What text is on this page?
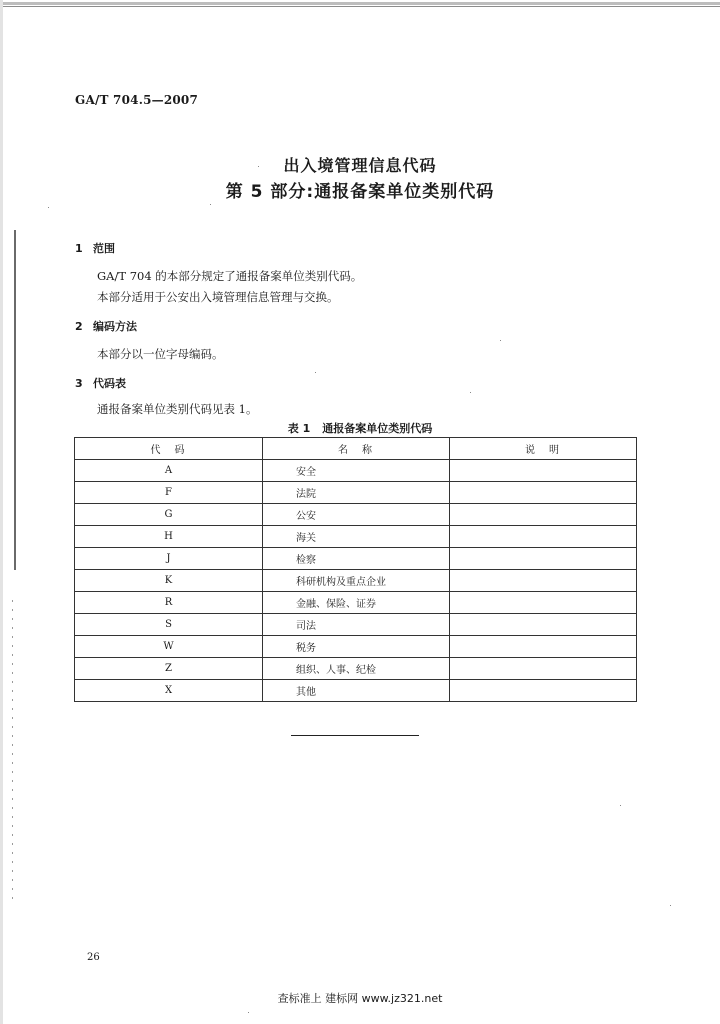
GA/T 704.5—2007
出入境管理信息代码
第 5 部分:通报备案单位类别代码
1 范围
GA/T 704 的本部分规定了通报备案单位类别代码。
本部分适用于公安出入境管理信息管理与交换。
2 编码方法
本部分以一位字母编码。
3 代码表
通报备案单位类别代码见表 1。
表 1 通报备案单位类别代码
代　码	名　称	说　明
A	安全	
F	法院	
G	公安	
H	海关	
J	检察	
K	科研机构及重点企业	
R	金融、保险、证券	
S	司法	
W	税务	
Z	组织、人事、纪检	
X	其他	
26
查标准上 建标网 www.jz321.net
